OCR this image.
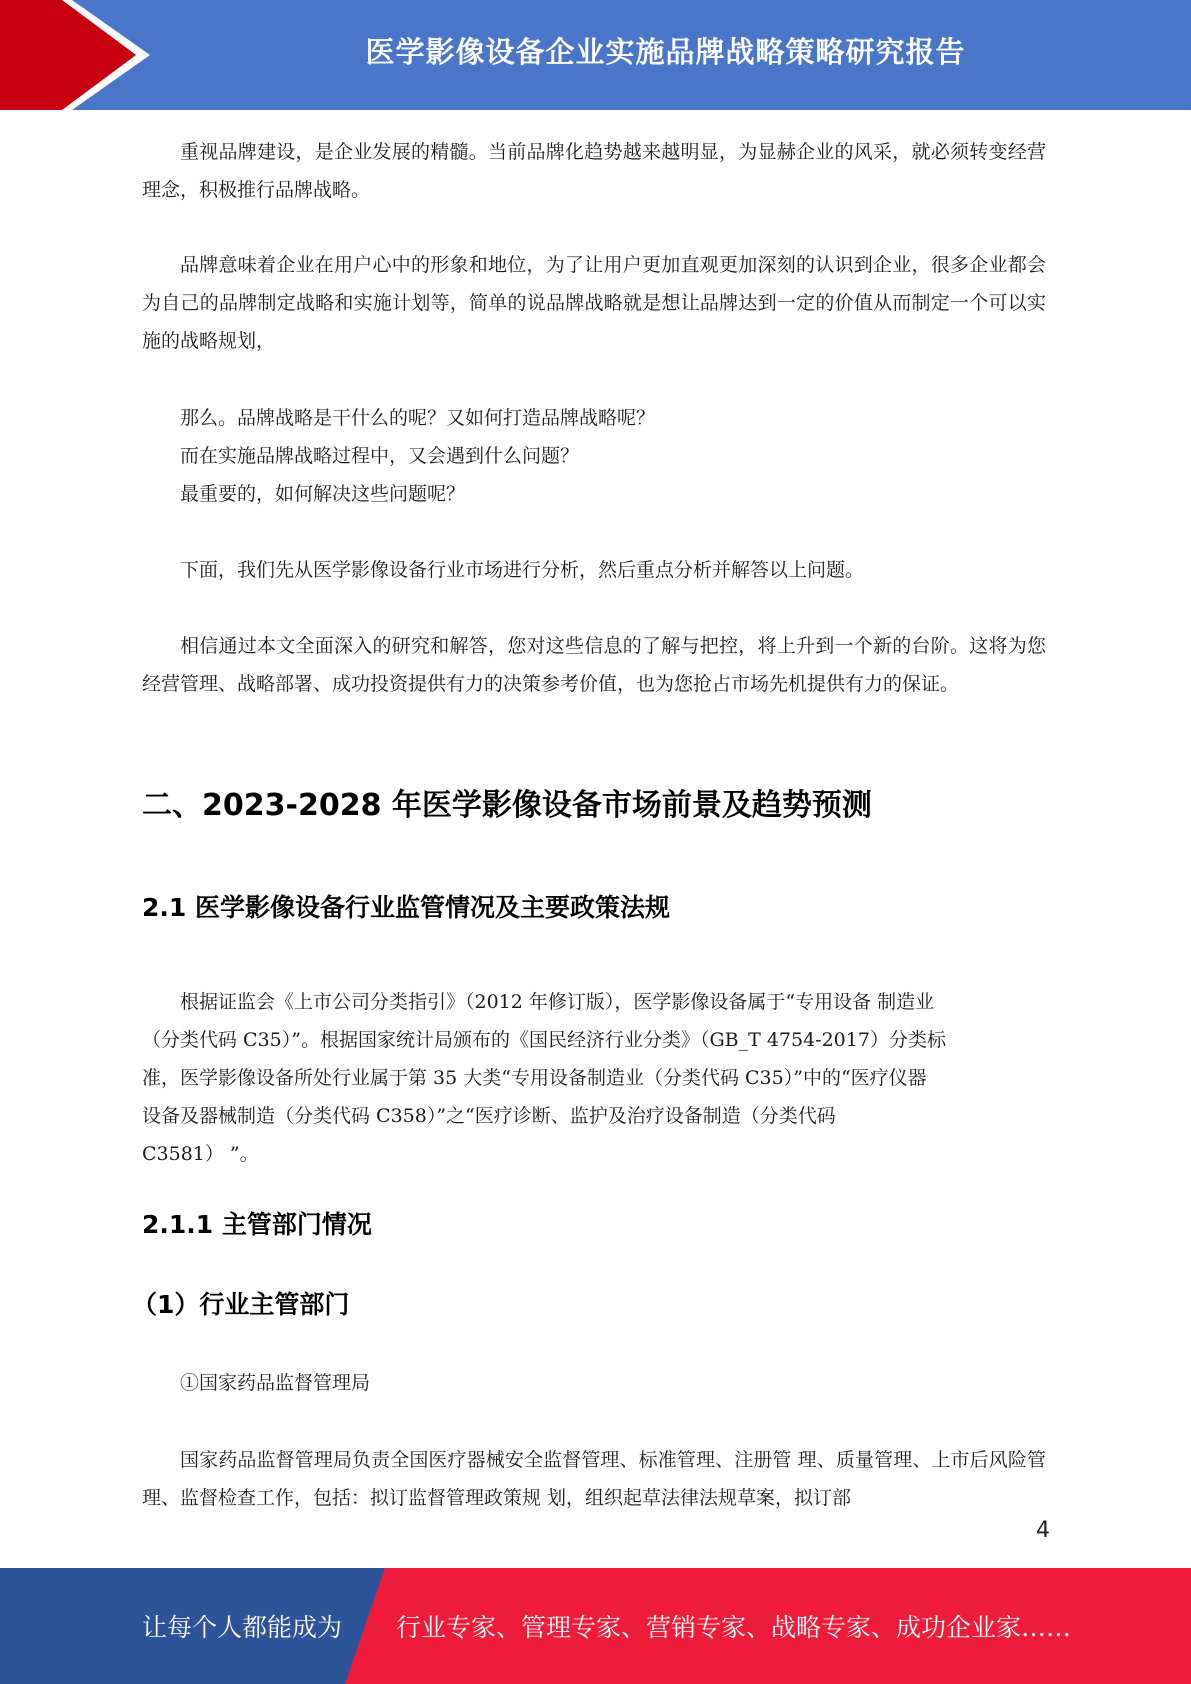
医学影像设备企业实施品牌战略策略研究报告

重视品牌建设，是企业发展的精髓。当前品牌化趋势越来越明显，为显赫企业的风采，就必须转变经营理念，积极推行品牌战略。

品牌意味着企业在用户心中的形象和地位，为了让用户更加直观更加深刻的认识到企业，很多企业都会为自己的品牌制定战略和实施计划等，简单的说品牌战略就是想让品牌达到一定的价值从而制定一个可以实施的战略规划，

那么。品牌战略是干什么的呢？又如何打造品牌战略呢？

而在实施品牌战略过程中，又会遇到什么问题？

最重要的，如何解决这些问题呢？

下面，我们先从医学影像设备行业市场进行分析，然后重点分析并解答以上问题。

相信通过本文全面深入的研究和解答，您对这些信息的了解与把控，将上升到一个新的台阶。这将为您经营管理、战略部署、成功投资提供有力的决策参考价值，也为您抢占市场先机提供有力的保证。

二、2023-2028 年医学影像设备市场前景及趋势预测
2.1 医学影像设备行业监管情况及主要政策法规

根据证监会《上市公司分类指引》（2012 年修订版），医学影像设备属于“专用设备 制造业

（分类代码 C35）”。根据国家统计局颁布的《国民经济行业分类》（GB_T 4754-2017）分类标

准，医学影像设备所处行业属于第 35 大类“专用设备制造业（分类代码 C35）”中的“医疗仪器

设备及器械制造（分类代码 C358）”之“医疗诊断、监护及治疗设备制造（分类代码

C3581） ”。

2.1.1 主管部门情况
（1）行业主管部门

①国家药品监督管理局

国家药品监督管理局负责全国医疗器械安全监督管理、标准管理、注册管 理、质量管理、上市后风险管理、监督检查工作，包括：拟订监督管理政策规 划，组织起草法律法规草案，拟订部

4
让每个人都能成为 行业专家、管理专家、营销专家、战略专家、成功企业家……
